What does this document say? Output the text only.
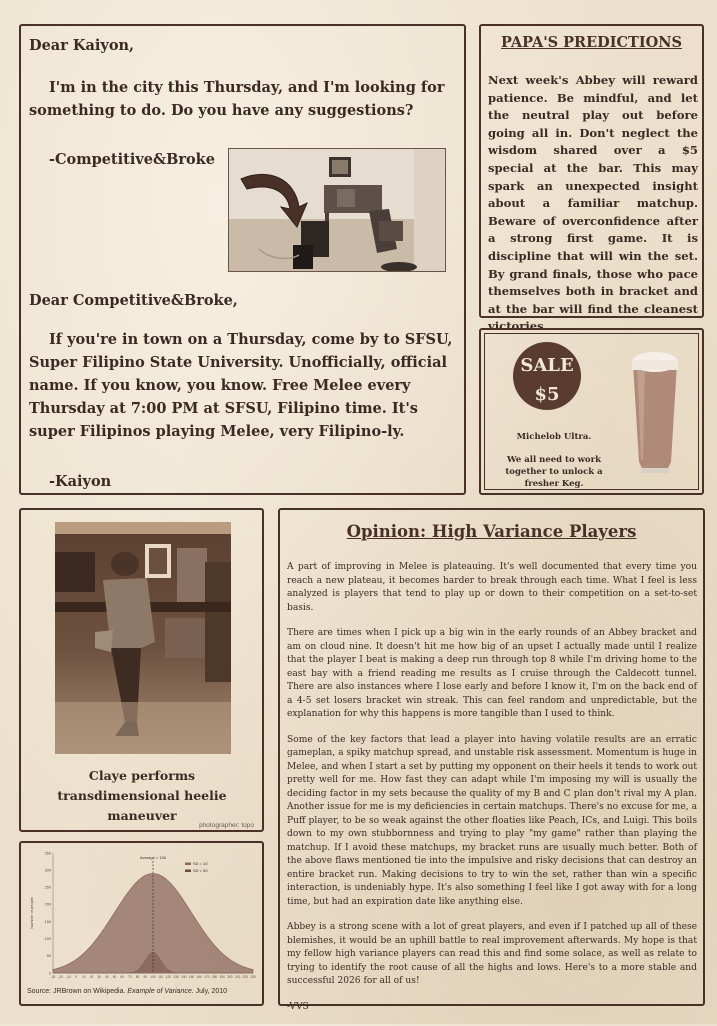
Dear Kaiyon,
I'm in the city this Thursday, and I'm looking for something to do. Do you have any suggestions?
-Competitive&Broke
Dear Competitive&Broke,
If you're in town on a Thursday, come by to SFSU, Super Filipino State University. Unofficially, official name. If you know, you know. Free Melee every Thursday at 7:00 PM at SFSU, Filipino time. It's super Filipinos playing Melee, very Filipino-ly.
-Kaiyon
PAPA'S PREDICTIONS
Next week's Abbey will reward patience. Be mindful, and let the neutral play out before going all in. Don't neglect the wisdom shared over a $5 special at the bar. This may spark an unexpected insight about a familiar matchup. Beware of overconfidence after a strong first game. It is discipline that will win the set. By grand finals, those who pace themselves both in bracket and at the bar will find the cleanest victories.
SALE
$5
Michelob Ultra.
We all need to work together to unlock a fresher Keg.
Claye performs transdimensional heelie maneuver
photographer: topo
Average = 100
0
50
100
150
200
250
300
350
-30 -20 -10 0 10 20 30 40 50 60 70 80 90 100 110 120 130 140 150 160 170 180 190 200 210 220 230
Number of people
SD = 10
SD = 50
Source: JRBrown on Wikipedia. Example of Variance. July, 2010
Opinion: High Variance Players

A part of improving in Melee is plateauing. It's well documented that every time you reach a new plateau, it becomes harder to break through each time. What I feel is less analyzed is players that tend to play up or down to their competition on a set-to-set basis.

There are times when I pick up a big win in the early rounds of an Abbey bracket and am on cloud nine. It doesn't hit me how big of an upset I actually made until I realize that the player I beat is making a deep run through top 8 while I'm driving home to the east bay with a friend reading me results as I cruise through the Caldecott tunnel. There are also instances where I lose early and before I know it, I'm on the back end of a 4-5 set losers bracket win streak. This can feel random and unpredictable, but the explanation for why this happens is more tangible than I used to think.

Some of the key factors that lead a player into having volatile results are an erratic gameplan, a spiky matchup spread, and unstable risk assessment. Momentum is huge in Melee, and when I start a set by putting my opponent on their heels it tends to work out pretty well for me. How fast they can adapt while I'm imposing my will is usually the deciding factor in my sets because the quality of my B and C plan don't rival my A plan. Another issue for me is my deficiencies in certain matchups. There's no excuse for me, a Puff player, to be so weak against the other floaties like Peach, ICs, and Luigi. This boils down to my own stubbornness and trying to play "my game" rather than playing the matchup. If I avoid these matchups, my bracket runs are usually much better. Both of the above flaws mentioned tie into the impulsive and risky decisions that can destroy an entire bracket run. Making decisions to try to win the set, rather than win a specific interaction, is undeniably hype. It's also something I feel like I got away with for a long time, but had an expiration date like anything else.

Abbey is a strong scene with a lot of great players, and even if I patched up all of these blemishes, it would be an uphill battle to real improvement afterwards. My hope is that my fellow high variance players can read this and find some solace, as well as relate to trying to identify the root cause of all the highs and lows. Here's to a more stable and successful 2026 for all of us!

-VVS
